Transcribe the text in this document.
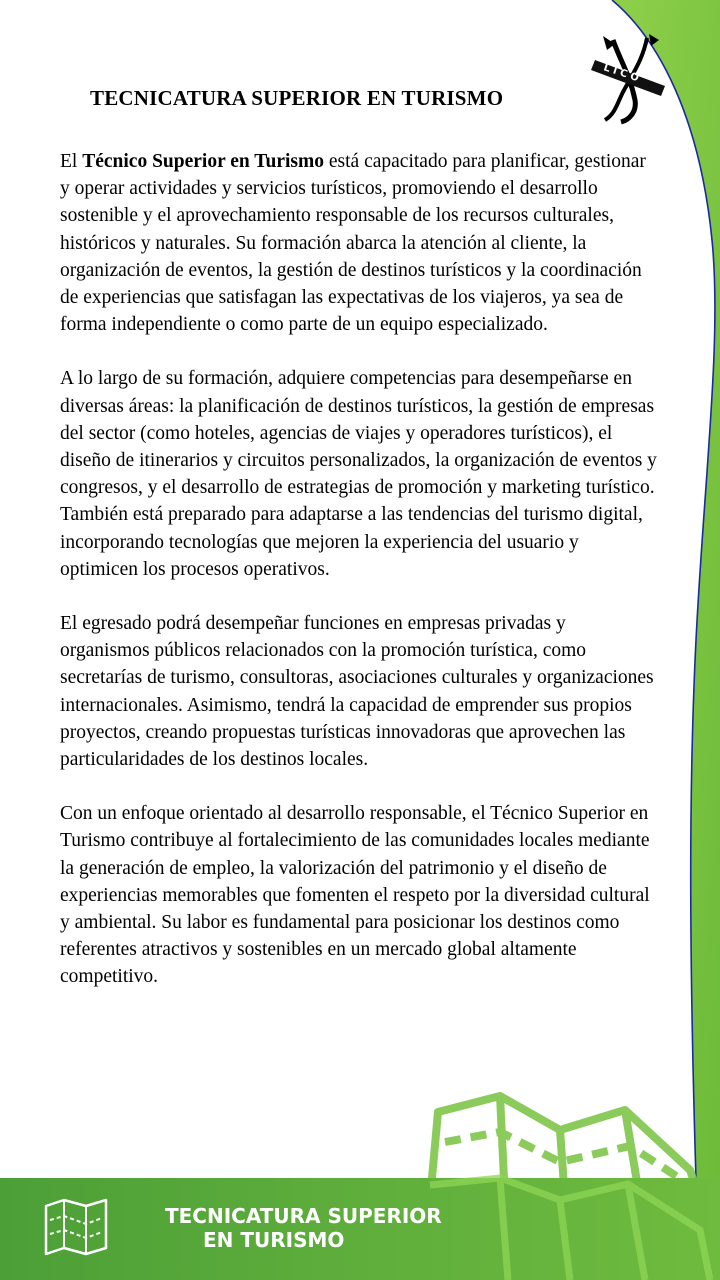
L I C O
TECNICATURA SUPERIOR EN TURISMO

El Técnico Superior en Turismo está capacitado para planificar, gestionar y operar actividades y servicios turísticos, promoviendo el desarrollo sostenible y el aprovechamiento responsable de los recursos culturales, históricos y naturales. Su formación abarca la atención al cliente, la organización de eventos, la gestión de destinos turísticos y la coordinación de experiencias que satisfagan las expectativas de los viajeros, ya sea de forma independiente o como parte de un equipo especializado.

A lo largo de su formación, adquiere competencias para desempeñarse en diversas áreas: la planificación de destinos turísticos, la gestión de empresas del sector (como hoteles, agencias de viajes y operadores turísticos), el diseño de itinerarios y circuitos personalizados, la organización de eventos y congresos, y el desarrollo de estrategias de promoción y marketing turístico. También está preparado para adaptarse a las tendencias del turismo digital, incorporando tecnologías que mejoren la experiencia del usuario y optimicen los procesos operativos.

El egresado podrá desempeñar funciones en empresas privadas y organismos públicos relacionados con la promoción turística, como secretarías de turismo, consultoras, asociaciones culturales y organizaciones internacionales. Asimismo, tendrá la capacidad de emprender sus propios proyectos, creando propuestas turísticas innovadoras que aprovechen las particularidades de los destinos locales.

Con un enfoque orientado al desarrollo responsable, el Técnico Superior en Turismo contribuye al fortalecimiento de las comunidades locales mediante la generación de empleo, la valorización del patrimonio y el diseño de experiencias memorables que fomenten el respeto por la diversidad cultural y ambiental. Su labor es fundamental para posicionar los destinos como referentes atractivos y sostenibles en un mercado global altamente competitivo.

TECNICATURA SUPERIOR
EN TURISMO
